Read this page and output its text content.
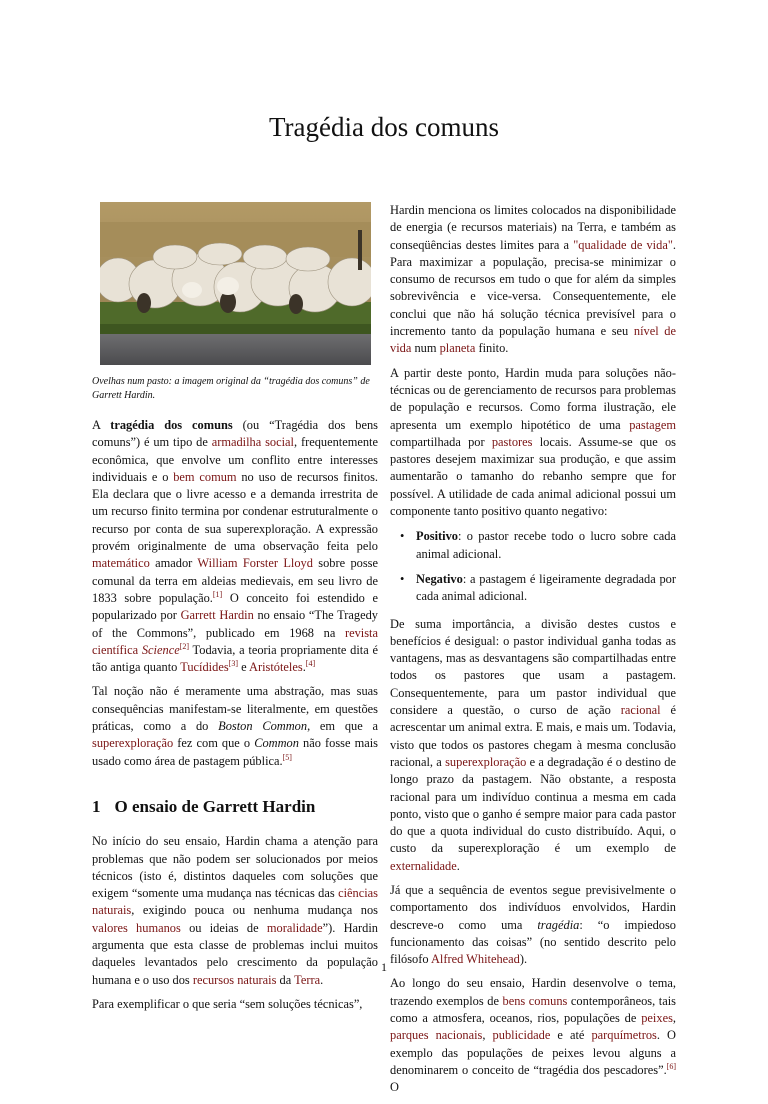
Tragédia dos comuns
Ovelhas num pasto: a imagem original da “tragédia dos comuns” de Garrett Hardin.

A tragédia dos comuns (ou “Tragédia dos bens comuns”) é um tipo de armadilha social, frequentemente econômica, que envolve um conflito entre interesses individuais e o bem comum no uso de recursos finitos. Ela declara que o livre acesso e a demanda irrestrita de um recurso finito termina por condenar estruturalmente o recurso por conta de sua superexploração. A expressão provém originalmente de uma observação feita pelo matemático amador William Forster Lloyd sobre posse comunal da terra em aldeias medievais, em seu livro de 1833 sobre população.[1] O conceito foi estendido e popularizado por Garrett Hardin no ensaio “The Tragedy of the Commons”, publicado em 1968 na revista científica Science[2] Todavia, a teoria propriamente dita é tão antiga quanto Tucídides[3] e Aristóteles.[4]

Tal noção não é meramente uma abstração, mas suas consequências manifestam-se literalmente, em questões práticas, como a do Boston Common, em que a superexploração fez com que o Common não fosse mais usado como área de pastagem pública.[5]

1 O ensaio de Garrett Hardin

No início do seu ensaio, Hardin chama a atenção para problemas que não podem ser solucionados por meios técnicos (isto é, distintos daqueles com soluções que exigem “somente uma mudança nas técnicas das ciências naturais, exigindo pouca ou nenhuma mudança nos valores humanos ou ideias de moralidade”). Hardin argumenta que esta classe de problemas inclui muitos daqueles levantados pelo crescimento da população humana e o uso dos recursos naturais da Terra.

Para exemplificar o que seria “sem soluções técnicas”,

Hardin menciona os limites colocados na disponibilidade de energia (e recursos materiais) na Terra, e também as conseqüências destes limites para a "qualidade de vida". Para maximizar a população, precisa-se minimizar o consumo de recursos em tudo o que for além da simples sobrevivência e vice-versa. Consequentemente, ele conclui que não há solução técnica previsível para o incremento tanto da população humana e seu nível de vida num planeta finito.

A partir deste ponto, Hardin muda para soluções não-técnicas ou de gerenciamento de recursos para problemas de população e recursos. Como forma ilustração, ele apresenta um exemplo hipotético de uma pastagem compartilhada por pastores locais. Assume-se que os pastores desejem maximizar sua produção, e que assim aumentarão o tamanho do rebanho sempre que for possível. A utilidade de cada animal adicional possui um componente tanto positivo quanto negativo:

• Positivo: o pastor recebe todo o lucro sobre cada animal adicional.
• Negativo: a pastagem é ligeiramente degradada por cada animal adicional.

De suma importância, a divisão destes custos e benefícios é desigual: o pastor individual ganha todas as vantagens, mas as desvantagens são compartilhadas entre todos os pastores que usam a pastagem. Consequentemente, para um pastor individual que considere a questão, o curso de ação racional é acrescentar um animal extra. E mais, e mais um. Todavia, visto que todos os pastores chegam à mesma conclusão racional, a superexploração e a degradação é o destino de longo prazo da pastagem. Não obstante, a resposta racional para um indivíduo continua a mesma em cada ponto, visto que o ganho é sempre maior para cada pastor do que a quota individual do custo distribuído. Aqui, o custo da superexploração é um exemplo de externalidade.

Já que a sequência de eventos segue previsivelmente o comportamento dos indivíduos envolvidos, Hardin descreve-o como uma tragédia: “o impiedoso funcionamento das coisas” (no sentido descrito pelo filósofo Alfred Whitehead).

Ao longo do seu ensaio, Hardin desenvolve o tema, trazendo exemplos de bens comuns contemporâneos, tais como a atmosfera, oceanos, rios, populações de peixes, parques nacionais, publicidade e até parquímetros. O exemplo das populações de peixes levou alguns a denominarem o conceito de “tragédia dos pescadores”.[6] O

1
